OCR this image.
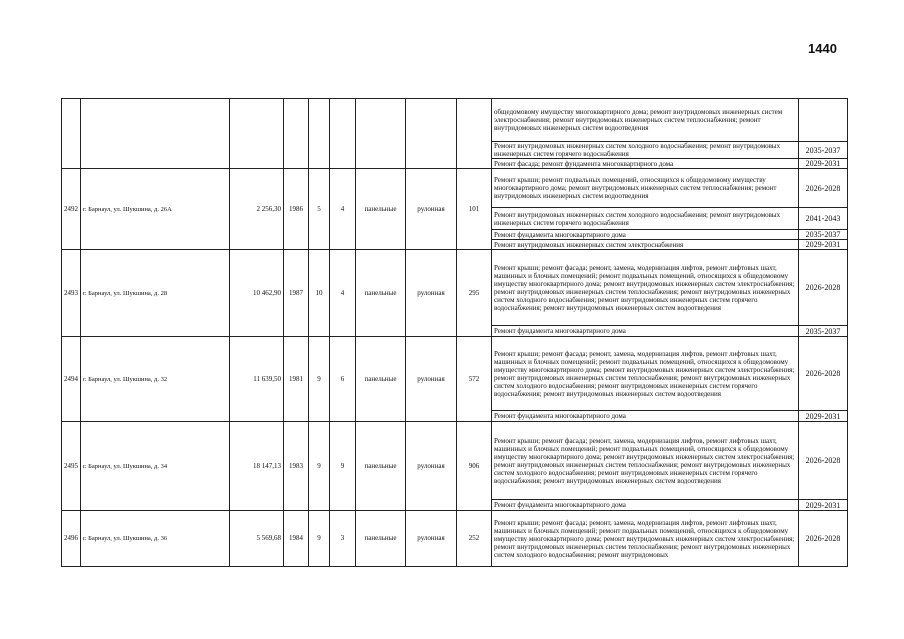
1440
									общедомовому имуществу многоквартирного дома; ремонт внутридомовых инженерных систем электроснабжения; ремонт внутридомовых инженерных систем теплоснабжения; ремонт внутридомовых инженерных систем водоотведения	
									Ремонт внутридомовых инженерных систем холодного водоснабжения; ремонт внутридомовых инженерных систем горячего водоснабжения	2035-2037
									Ремонт фасада; ремонт фундамента многоквартирного дома	2029-2031
2492	г. Барнаул, ул. Шукшина, д. 26А	2 256,30	1986	5	4	панельные	рулонная	101	Ремонт крыши; ремонт подвальных помещений, относящихся к общедомовому имуществу многоквартирного дома; ремонт внутридомовых инженерных систем теплоснабжения; ремонт внутридомовых инженерных систем водоотведения	2026-2028
									Ремонт внутридомовых инженерных систем холодного водоснабжения; ремонт внутридомовых инженерных систем горячего водоснабжения	2041-2043
									Ремонт фундамента многоквартирного дома	2035-2037
									Ремонт внутридомовых инженерных систем электроснабжения	2029-2031
2493	г. Барнаул, ул. Шукшина, д. 28	10 462,90	1987	10	4	панельные	рулонная	295	Ремонт крыши; ремонт фасада; ремонт, замена, модернизация лифтов, ремонт лифтовых шахт, машинных и блочных помещений; ремонт подвальных помещений, относящихся к общедомовому имуществу многоквартирного дома; ремонт внутридомовых инженерных систем электроснабжения; ремонт внутридомовых инженерных систем теплоснабжения; ремонт внутридомовых инженерных систем холодного водоснабжения; ремонт внутридомовых инженерных систем горячего водоснабжения; ремонт внутридомовых инженерных систем водоотведения	2026-2028
									Ремонт фундамента многоквартирного дома	2035-2037
2494	г. Барнаул, ул. Шукшина, д. 32	11 639,50	1981	9	6	панельные	рулонная	572	Ремонт крыши; ремонт фасада; ремонт, замена, модернизация лифтов, ремонт лифтовых шахт, машинных и блочных помещений; ремонт подвальных помещений, относящихся к общедомовому имуществу многоквартирного дома; ремонт внутридомовых инженерных систем электроснабжения; ремонт внутридомовых инженерных систем теплоснабжения; ремонт внутридомовых инженерных систем холодного водоснабжения; ремонт внутридомовых инженерных систем горячего водоснабжения; ремонт внутридомовых инженерных систем водоотведения	2026-2028
									Ремонт фундамента многоквартирного дома	2029-2031
2495	г. Барнаул, ул. Шукшина, д. 34	18 147,13	1983	9	9	панельные	рулонная	906	Ремонт крыши; ремонт фасада; ремонт, замена, модернизация лифтов, ремонт лифтовых шахт, машинных и блочных помещений; ремонт подвальных помещений, относящихся к общедомовому имуществу многоквартирного дома; ремонт внутридомовых инженерных систем электроснабжения; ремонт внутридомовых инженерных систем теплоснабжения; ремонт внутридомовых инженерных систем холодного водоснабжения; ремонт внутридомовых инженерных систем горячего водоснабжения; ремонт внутридомовых инженерных систем водоотведения	2026-2028
									Ремонт фундамента многоквартирного дома	2029-2031
2496	г. Барнаул, ул. Шукшина, д. 36	5 569,68	1984	9	3	панельные	рулонная	252	Ремонт крыши; ремонт фасада; ремонт, замена, модернизация лифтов, ремонт лифтовых шахт, машинных и блочных помещений; ремонт подвальных помещений, относящихся к общедомовому имуществу многоквартирного дома; ремонт внутридомовых инженерных систем электроснабжения; ремонт внутридомовых инженерных систем теплоснабжения; ремонт внутридомовых инженерных систем холодного водоснабжения; ремонт внутридомовых	2026-2028
